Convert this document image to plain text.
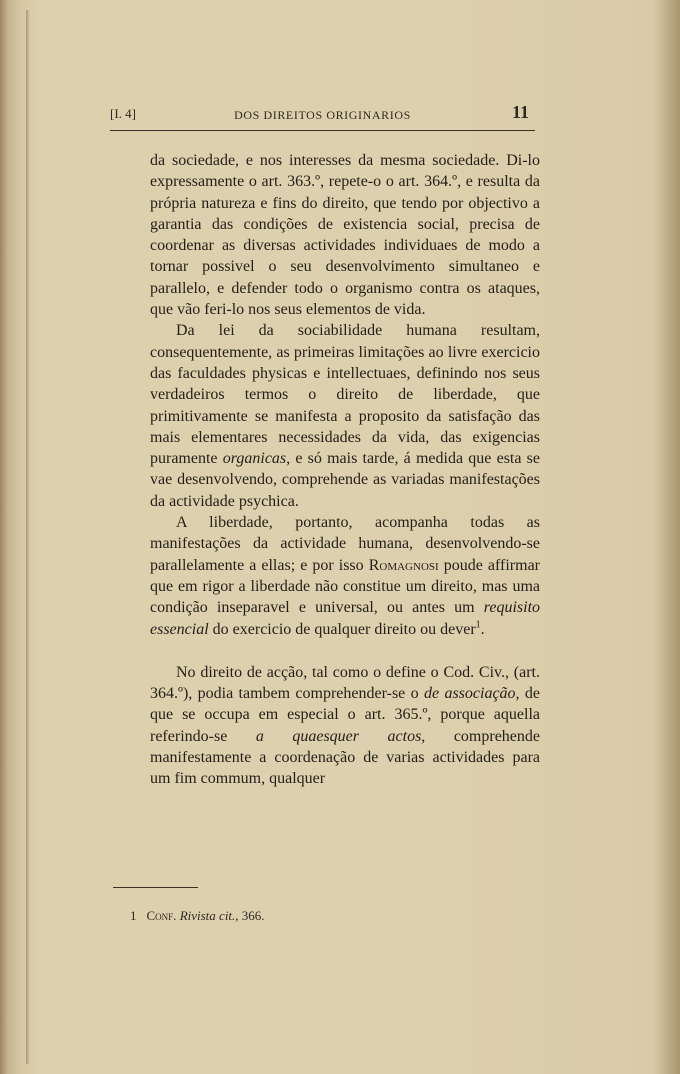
[I. 4]	DOS DIREITOS ORIGINARIOS	11

da sociedade, e nos interesses da mesma sociedade. Di-lo expressamente o art. 363.º, repete-o o art. 364.º, e resulta da própria natureza e fins do direito, que tendo por objectivo a garantia das condições de existencia social, precisa de coordenar as diversas actividades individuaes de modo a tornar possivel o seu desenvolvimento simultaneo e parallelo, e defender todo o organismo contra os ataques, que vão feri-lo nos seus elementos de vida.

Da lei da sociabilidade humana resultam, consequentemente, as primeiras limitações ao livre exercicio das faculdades physicas e intellectuaes, definindo nos seus verdadeiros termos o direito de liberdade, que primitivamente se manifesta a proposito da satisfação das mais elementares necessidades da vida, das exigencias puramente organicas, e só mais tarde, á medida que esta se vae desenvolvendo, comprehende as variadas manifestações da actividade psychica.

A liberdade, portanto, acompanha todas as manifestações da actividade humana, desenvolvendo-se parallelamente a ellas; e por isso Romagnosi poude affirmar que em rigor a liberdade não constitue um direito, mas uma condição inseparavel e universal, ou antes um requisito essencial do exercicio de qualquer direito ou dever$^1$.

No direito de acção, tal como o define o Cod. Civ., (art. 364.º), podia tambem comprehender-se o de associação, de que se occupa em especial o art. 365.º, porque aquella referindo-se a quaesquer actos, comprehende manifestamente a coordenação de varias actividades para um fim commum, qualquer

1 Conf. Rivista cit., 366.
